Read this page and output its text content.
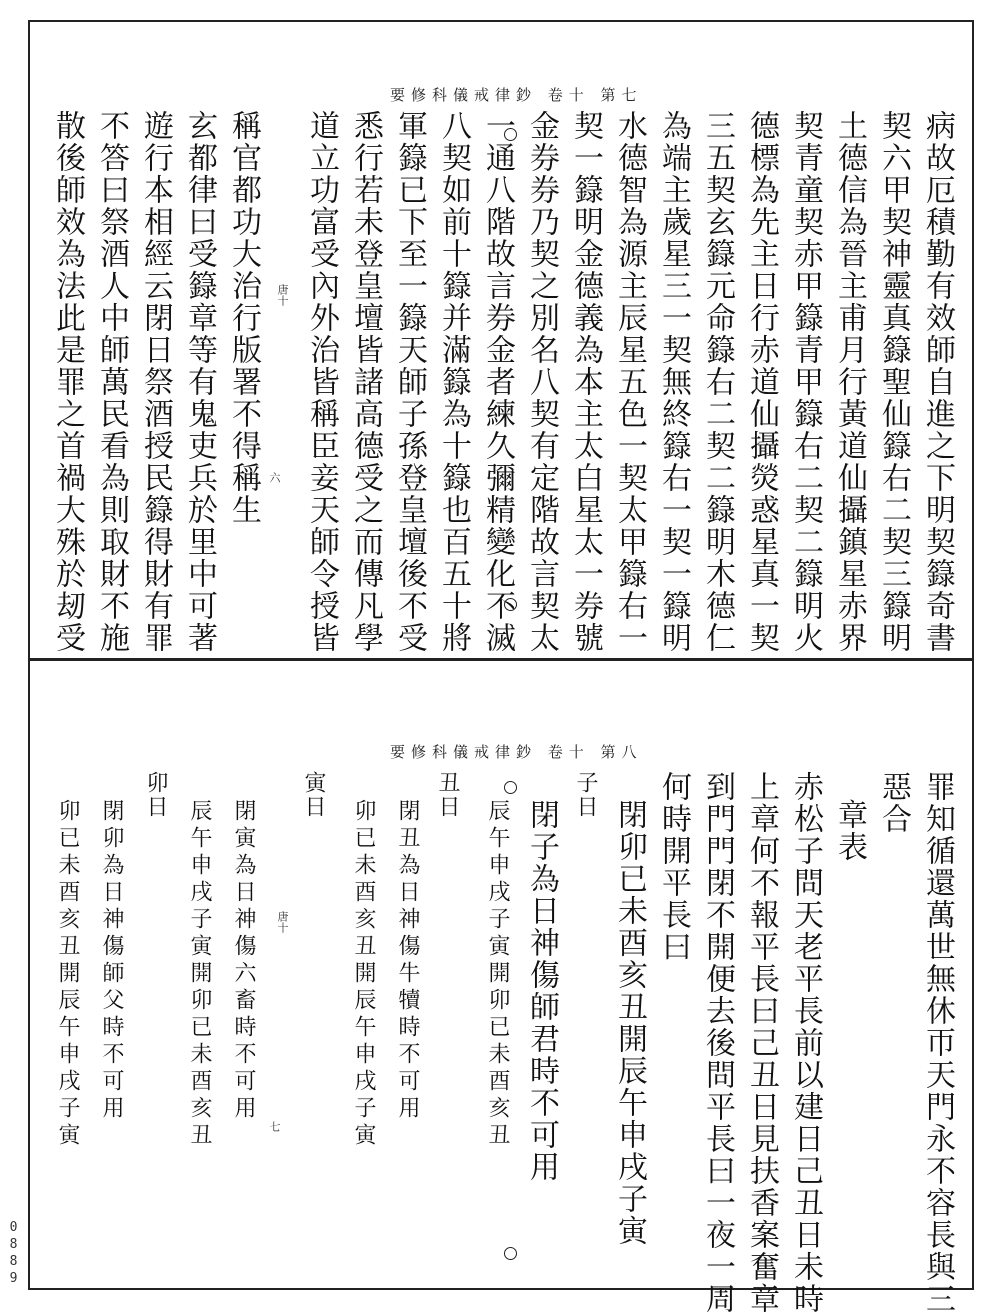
要修科儀戒律鈔 卷十 第七
病故厄積勤有效師自進之下明契籙奇書
契六甲契神靈真籙聖仙籙右二契三籙明
土德信為晉主甫月行黃道仙攝鎮星赤界
契青童契赤甲籙青甲籙右二契二籙明火
德標為先主日行赤道仙攝熒惑星真一契
三五契玄籙元命籙右二契二籙明木德仁
為端主歲星三一契無終籙右一契一籙明
水德智為源主辰星五色一契太甲籙右一
契一籙明金德義為本主太白星太一券號
金券券乃契之別名八契有定階故言契太
一通八階故言券金者練久彌精變化不滅
八契如前十籙并滿籙為十籙也百五十將
軍籙已下至一籙天師子孫登皇壇後不受
悉行若未登皇壇皆諸高德受之而傳凡學
道立功富受內外治皆稱臣妾天師令授皆
稱官都功大治行版署不得稱生
玄都律曰受籙章等有鬼吏兵於里中可著
遊行本相經云閉日祭酒授民籙得財有罪
不答曰祭酒人中師萬民看為則取財不施
散後師效為法此是罪之首禍大殊於刼受	唐十
六
要修科儀戒律鈔 卷十 第八
罪知循還萬世無休帀天門永不容長與三
惡合
章表
赤松子問天老平長前以建日己丑日未時
上章何不報平長曰己丑日見扶香案奮章
到門門閉不開便去後問平長曰一夜一周
何時開平長曰
閉卯已未酉亥丑開辰午申戌子寅
子日
閉子為日神傷師君時不可用
辰午申戌子寅開卯已未酉亥丑
丑日
閉丑為日神傷牛犢時不可用
卯已未酉亥丑開辰午申戌子寅
寅日
閉寅為日神傷六畜時不可用
辰午申戌子寅開卯已未酉亥丑
卯日
閉卯為日神傷師父時不可用
卯已未酉亥丑開辰午申戌子寅	唐十
七
0889
